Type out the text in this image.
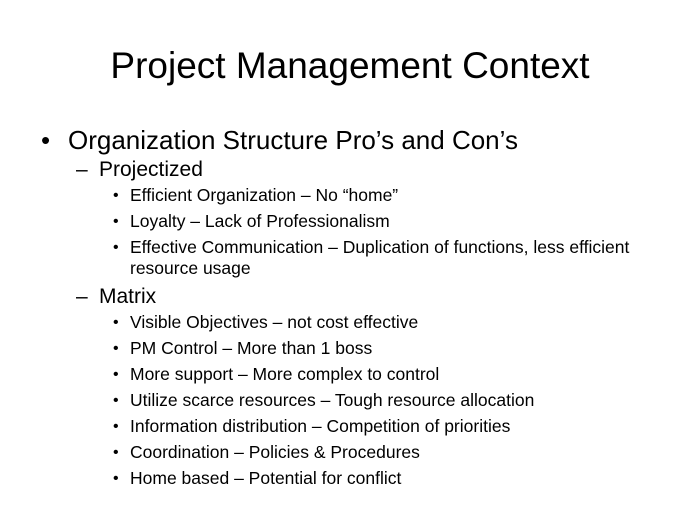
Project Management Context
• Organization Structure Pro’s and Con’s
– Projectized
• Efficient Organization – No “home”
• Loyalty – Lack of Professionalism
• Effective Communication – Duplication of functions, less efficient resource usage
– Matrix
• Visible Objectives – not cost effective
• PM Control – More than 1 boss
• More support – More complex to control
• Utilize scarce resources – Tough resource allocation
• Information distribution – Competition of priorities
• Coordination – Policies & Procedures
• Home based – Potential for conflict
